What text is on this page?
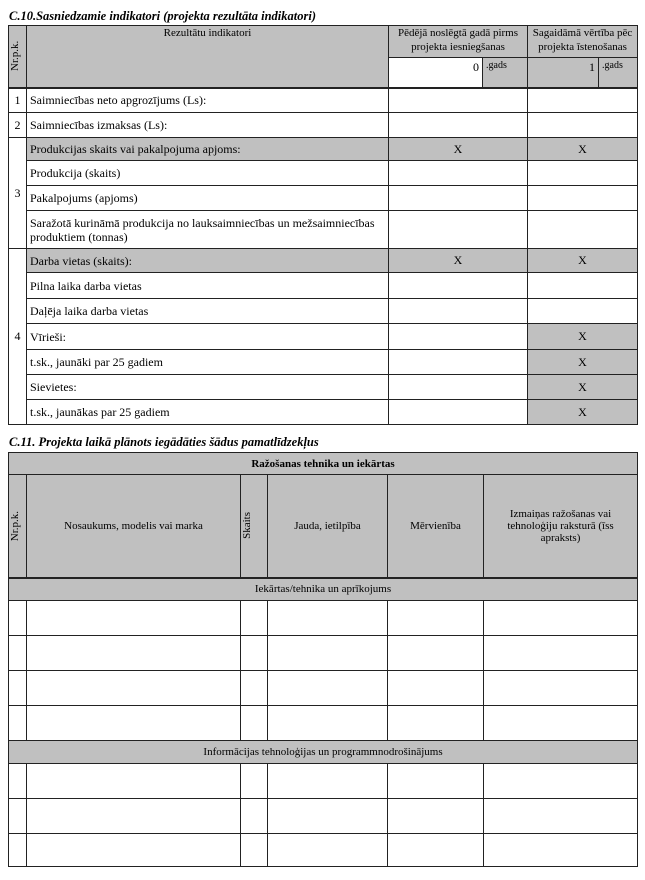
C.10.Sasniedzamie indikatori (projekta rezultāta indikatori)
Nr.p.k.	Rezultātu indikatori	Pēdējā noslēgtā gadā pirms projekta iesniegšanas		Sagaidāmā vērtība pēc projekta īstenošanas	
		0	.gads	1	.gads
1	Saimniecības neto apgrozījums (Ls):				
2	Saimniecības izmaksas (Ls):				
3	Produkcijas skaits vai pakalpojuma apjoms:	X		X	
	Produkcija (skaits)				
	Pakalpojums (apjoms)				
	Saražotā kurināmā produkcija no lauksaimniecības un mežsaimniecības produktiem (tonnas)				
4	Darba vietas (skaits):	X		X	
	Pilna laika darba vietas				
	Daļēja laika darba vietas				
	Vīrieši:			X	
	t.sk., jaunāki par 25 gadiem			X	
	Sievietes:			X	
	t.sk., jaunākas par 25 gadiem			X	
C.11. Projekta laikā plānots iegādāties šādus pamatlīdzekļus
Ražošanas tehnika un iekārtas					

Nr.p.k.	Nosaukums, modelis vai marka	Skaits	Jauda, ietilpība	Mērvienība	Izmaiņas ražošanas vai tehnoloģiju raksturā (īss apraksts)
Iekārtas/tehnika un aprīkojums					

Informācijas tehnoloģijas un programmnodrošinājums					
